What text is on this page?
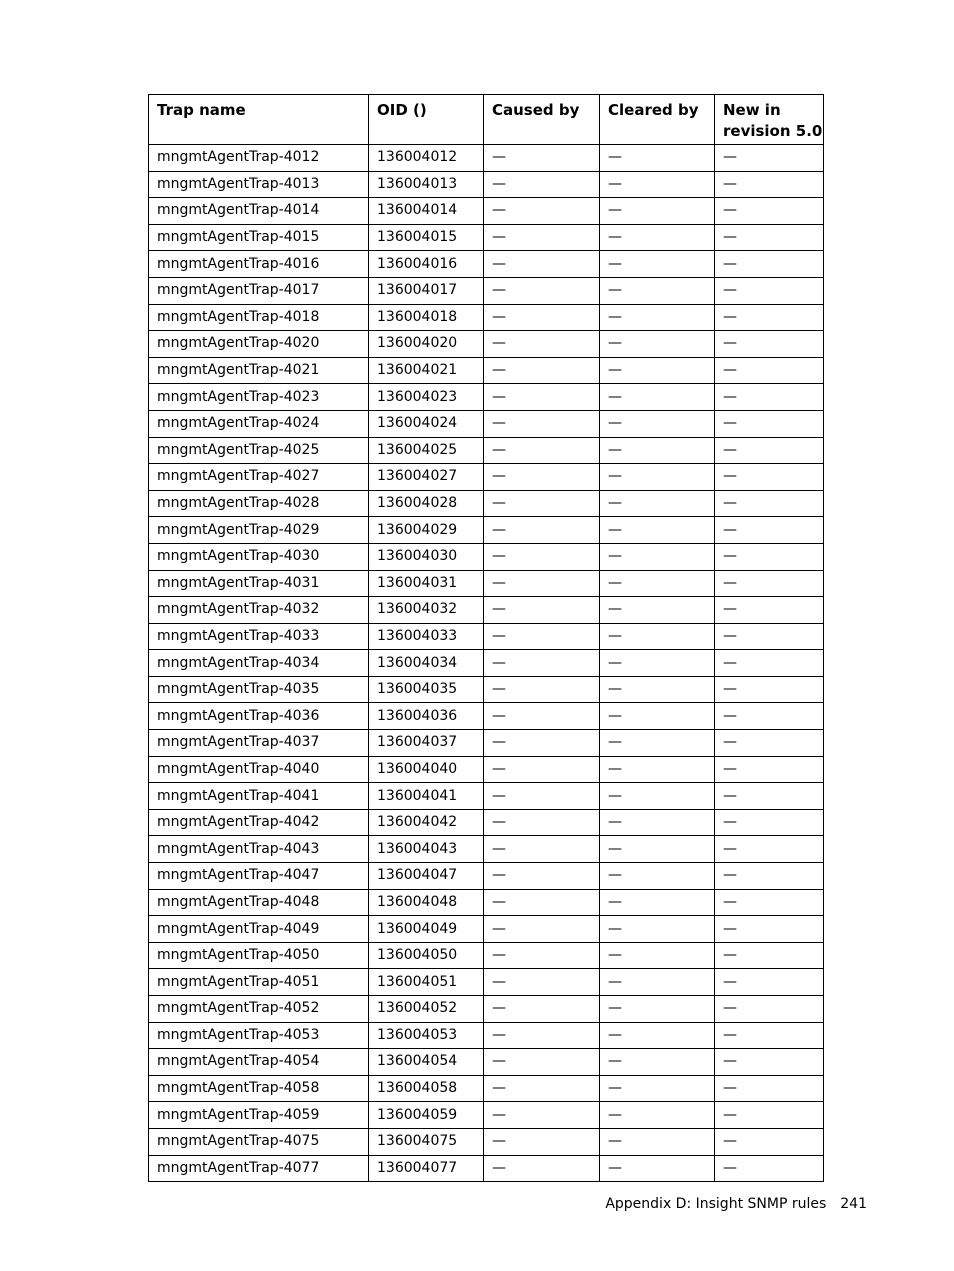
Trap name	OID ()	Caused by	Cleared by	New in revision 5.0
mngmtAgentTrap-4012	136004012	—	—	—
mngmtAgentTrap-4013	136004013	—	—	—
mngmtAgentTrap-4014	136004014	—	—	—
mngmtAgentTrap-4015	136004015	—	—	—
mngmtAgentTrap-4016	136004016	—	—	—
mngmtAgentTrap-4017	136004017	—	—	—
mngmtAgentTrap-4018	136004018	—	—	—
mngmtAgentTrap-4020	136004020	—	—	—
mngmtAgentTrap-4021	136004021	—	—	—
mngmtAgentTrap-4023	136004023	—	—	—
mngmtAgentTrap-4024	136004024	—	—	—
mngmtAgentTrap-4025	136004025	—	—	—
mngmtAgentTrap-4027	136004027	—	—	—
mngmtAgentTrap-4028	136004028	—	—	—
mngmtAgentTrap-4029	136004029	—	—	—
mngmtAgentTrap-4030	136004030	—	—	—
mngmtAgentTrap-4031	136004031	—	—	—
mngmtAgentTrap-4032	136004032	—	—	—
mngmtAgentTrap-4033	136004033	—	—	—
mngmtAgentTrap-4034	136004034	—	—	—
mngmtAgentTrap-4035	136004035	—	—	—
mngmtAgentTrap-4036	136004036	—	—	—
mngmtAgentTrap-4037	136004037	—	—	—
mngmtAgentTrap-4040	136004040	—	—	—
mngmtAgentTrap-4041	136004041	—	—	—
mngmtAgentTrap-4042	136004042	—	—	—
mngmtAgentTrap-4043	136004043	—	—	—
mngmtAgentTrap-4047	136004047	—	—	—
mngmtAgentTrap-4048	136004048	—	—	—
mngmtAgentTrap-4049	136004049	—	—	—
mngmtAgentTrap-4050	136004050	—	—	—
mngmtAgentTrap-4051	136004051	—	—	—
mngmtAgentTrap-4052	136004052	—	—	—
mngmtAgentTrap-4053	136004053	—	—	—
mngmtAgentTrap-4054	136004054	—	—	—
mngmtAgentTrap-4058	136004058	—	—	—
mngmtAgentTrap-4059	136004059	—	—	—
mngmtAgentTrap-4075	136004075	—	—	—
mngmtAgentTrap-4077	136004077	—	—	—
Appendix D: Insight SNMP rules 241
